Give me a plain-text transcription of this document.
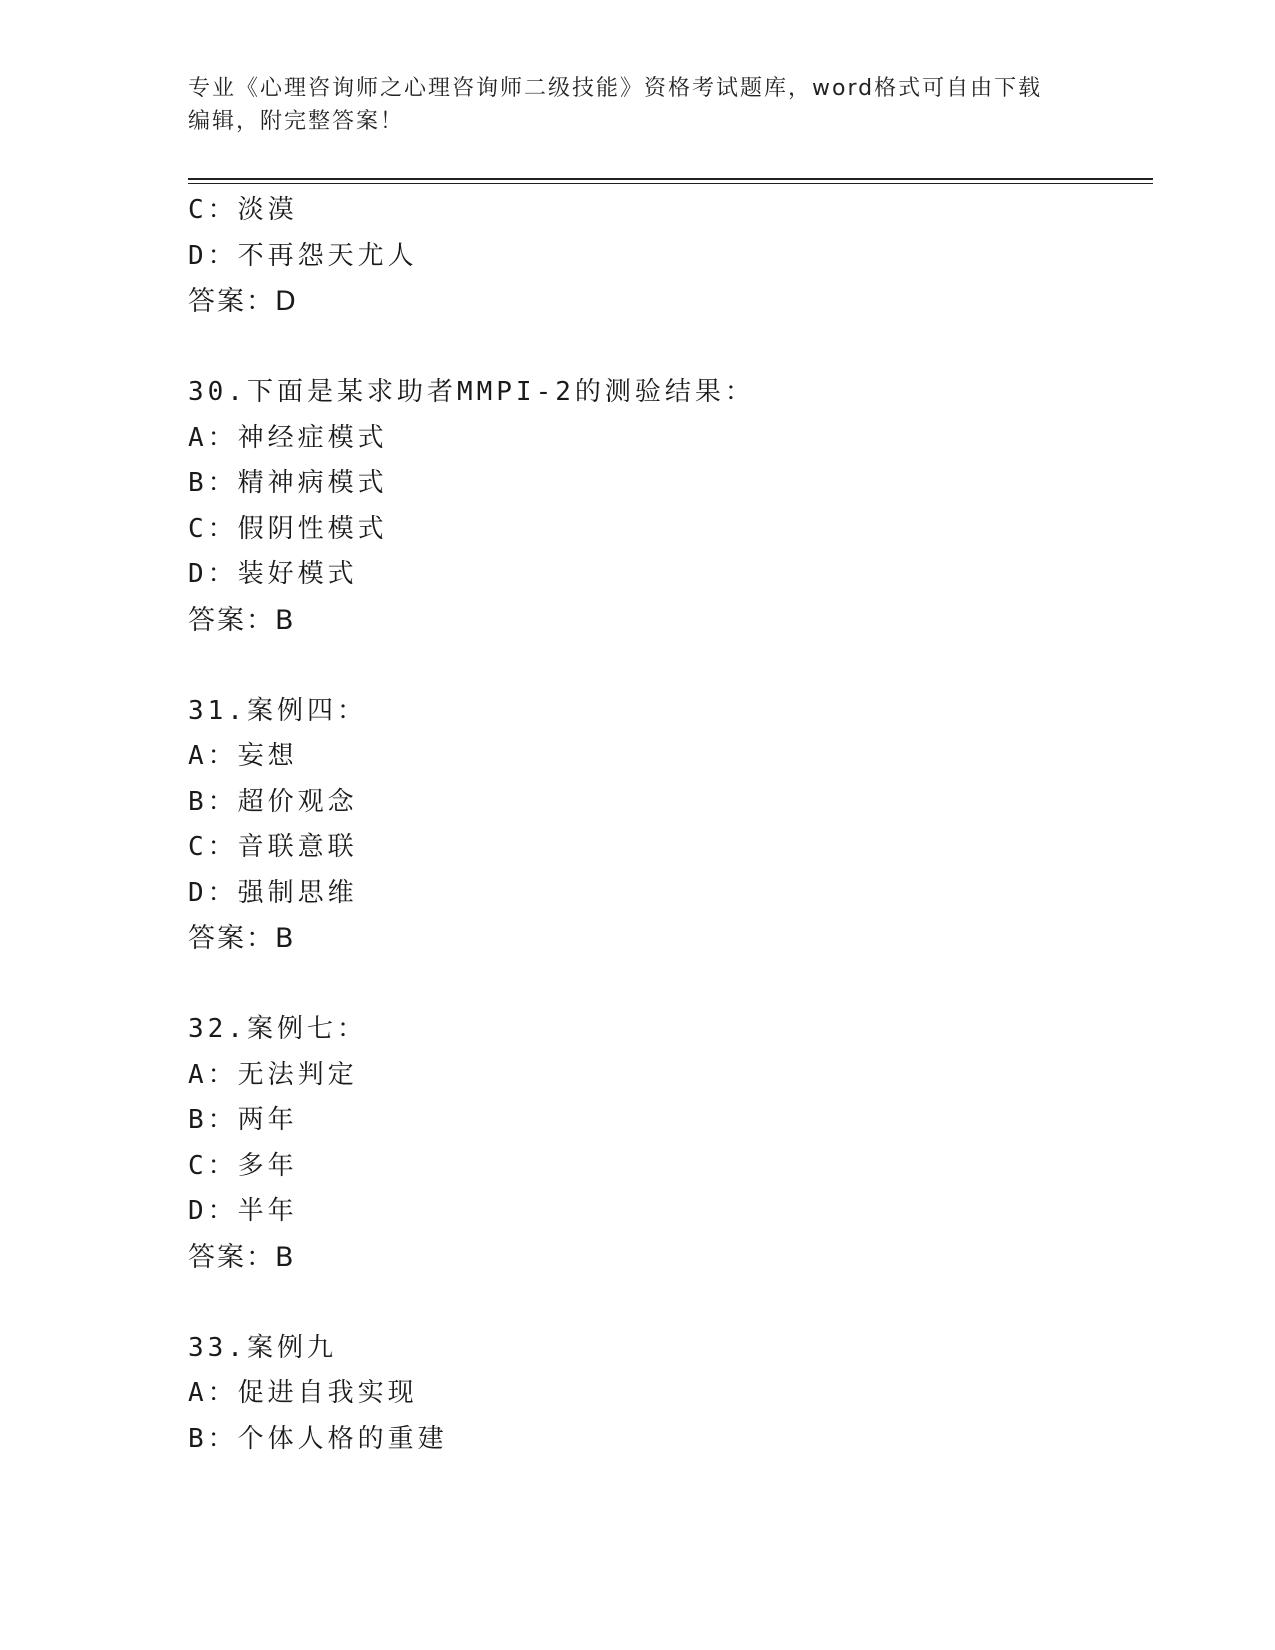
专业《心理咨询师之心理咨询师二级技能》资格考试题库，word格式可自由下载
编辑，附完整答案！
C：淡漠
D：不再怨天尤人
答案：D
30.下面是某求助者MMPI-2的测验结果：
A：神经症模式
B：精神病模式
C：假阴性模式
D：装好模式
答案：B
31.案例四：
A：妄想
B：超价观念
C：音联意联
D：强制思维
答案：B
32.案例七：
A：无法判定
B：两年
C：多年
D：半年
答案：B
33.案例九
A：促进自我实现
B：个体人格的重建
